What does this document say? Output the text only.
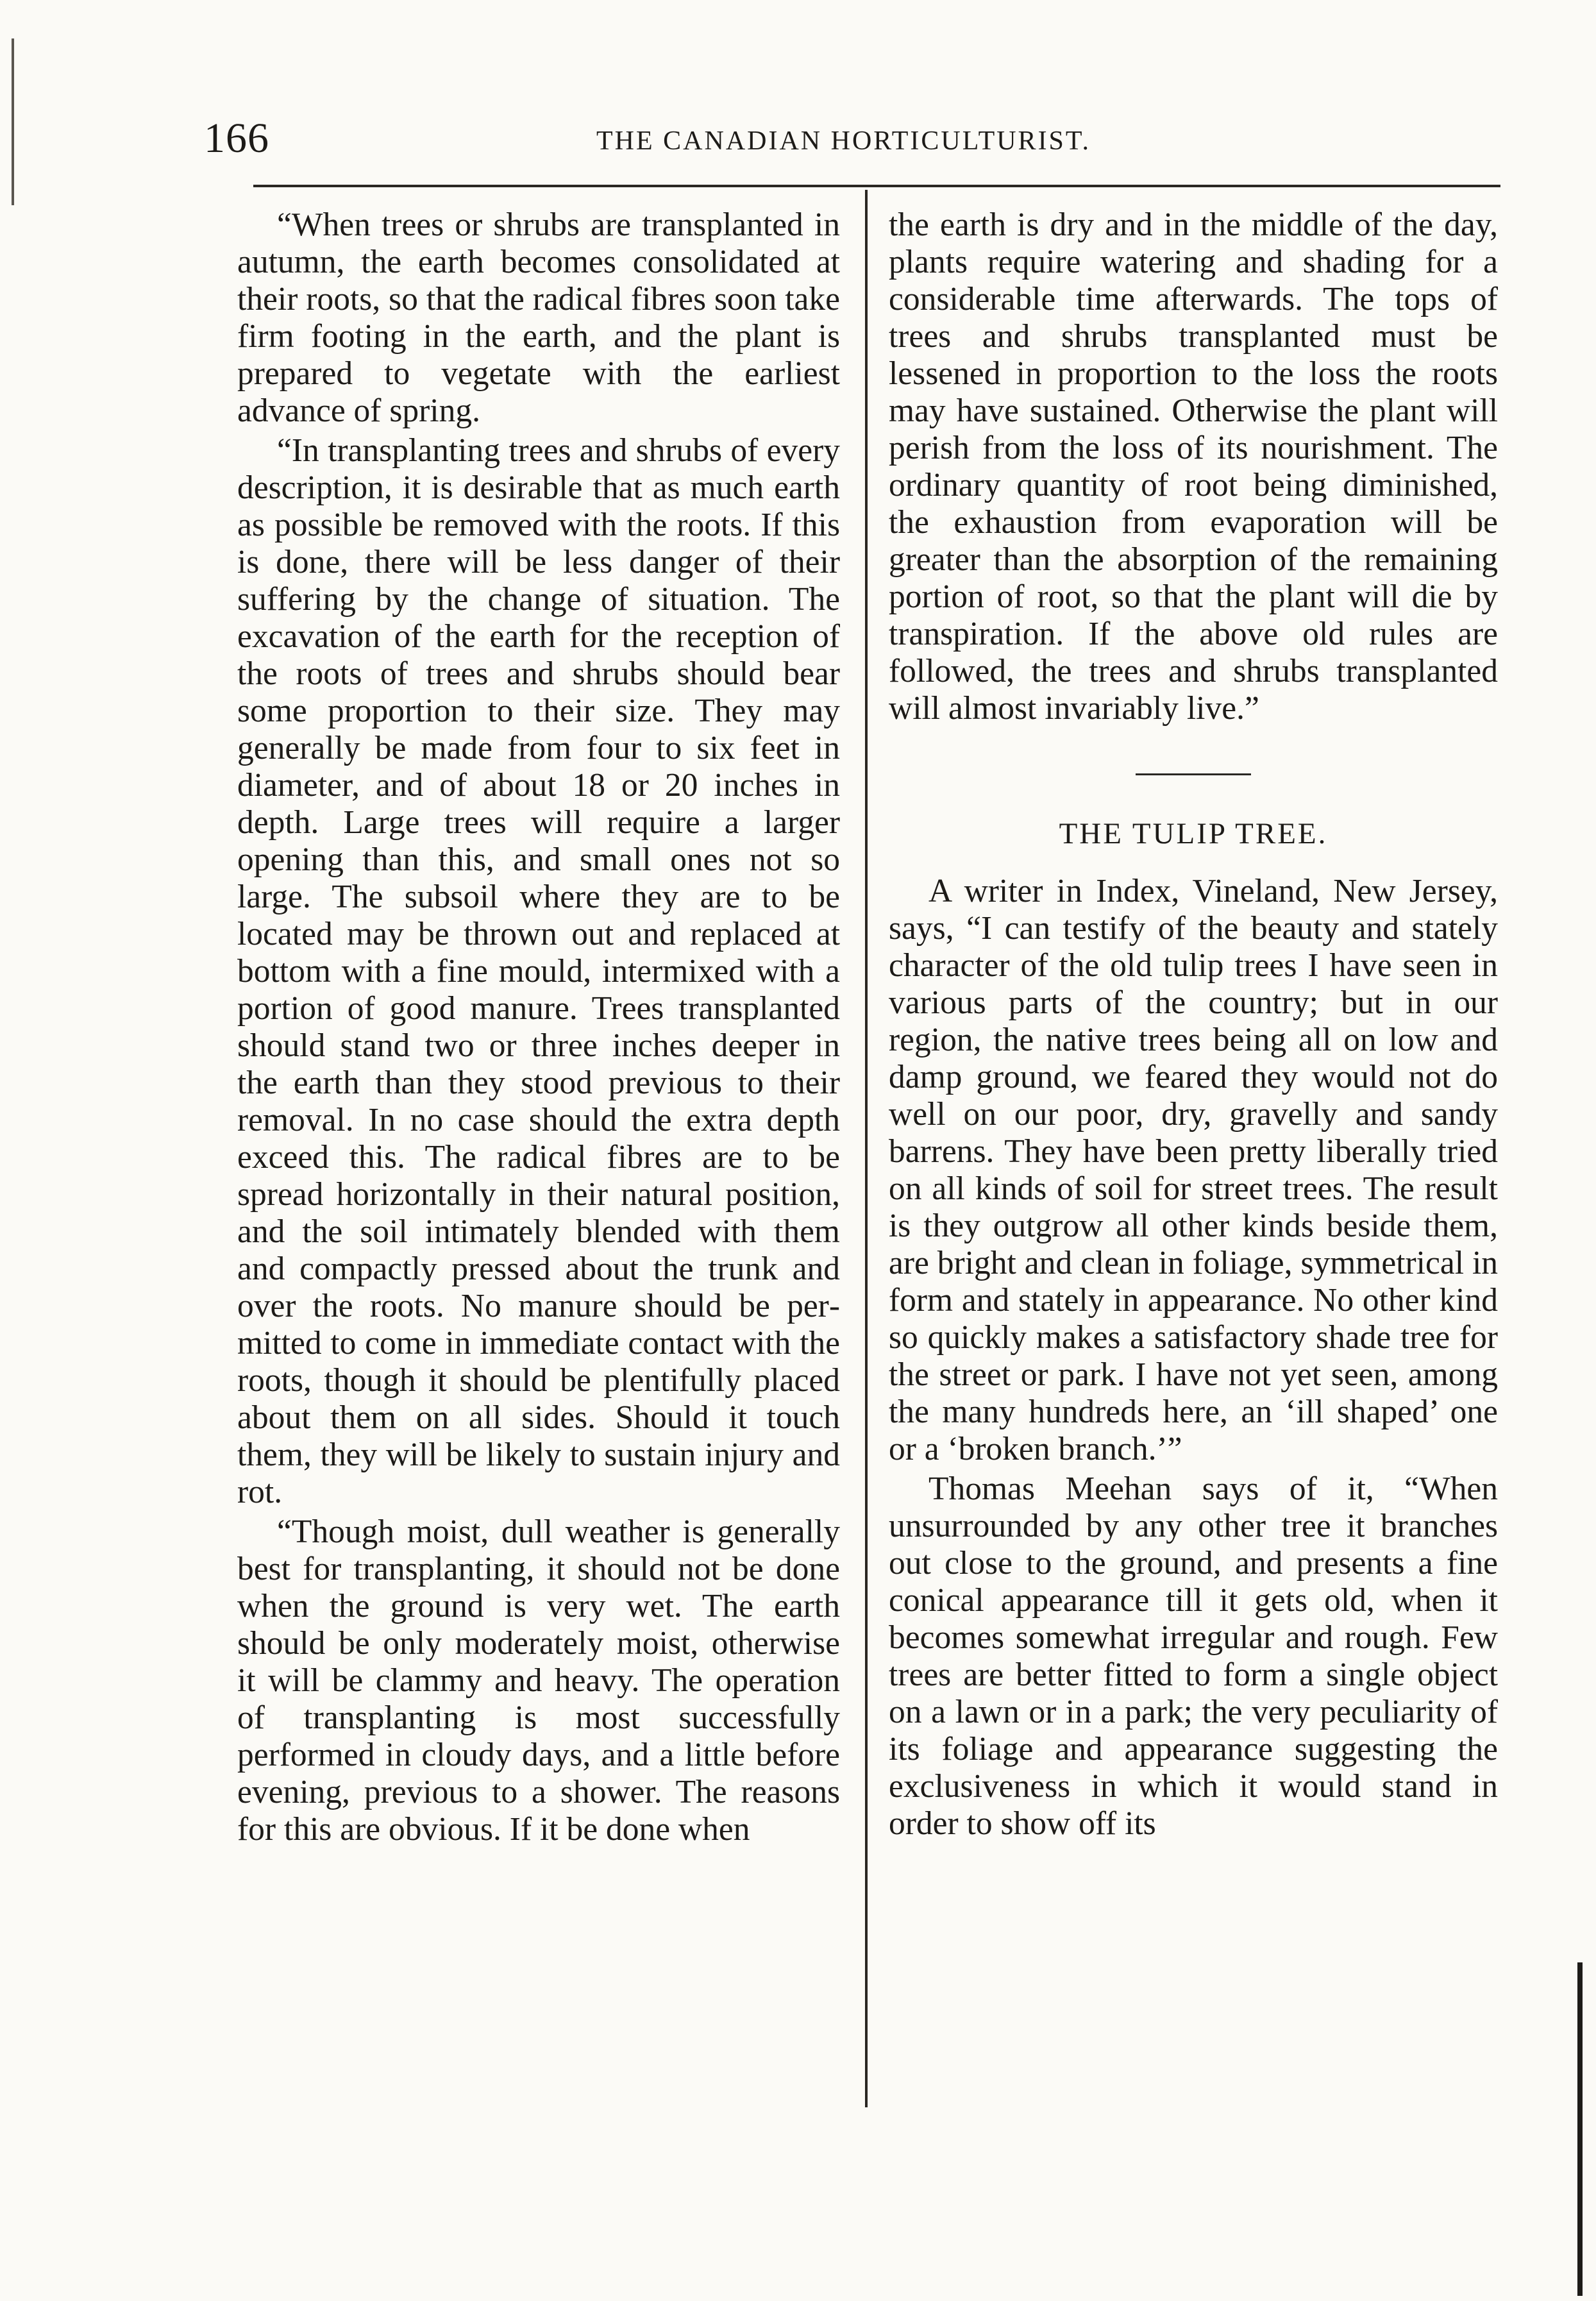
166	THE CANADIAN HORTICULTURIST.

“When trees or shrubs are transplanted in autumn, the earth becomes consolidated at their roots, so that the radical fibres soon take firm footing in the earth, and the plant is prepared to vegetate with the earliest advance of spring.

“In transplanting trees and shrubs of every description, it is desirable that as much earth as possible be removed with the roots. If this is done, there will be less danger of their suffering by the change of situation. The excavation of the earth for the reception of the roots of trees and shrubs should bear some proportion to their size. They may generally be made from four to six feet in diameter, and of about 18 or 20 inches in depth. Large trees will require a larger opening than this, and small ones not so large. The subsoil where they are to be located may be thrown out and replaced at bottom with a fine mould, intermixed with a portion of good manure. Trees transplanted should stand two or three inches deeper in the earth than they stood previous to their removal. In no case should the extra depth exceed this. The radical fibres are to be spread horizontally in their natural position, and the soil intimately blended with them and compactly pressed about the trunk and over the roots. No manure should be permitted to come in immediate contact with the roots, though it should be plentifully placed about them on all sides. Should it touch them, they will be likely to sustain injury and rot.

“Though moist, dull weather is generally best for transplanting, it should not be done when the ground is very wet. The earth should be only moderately moist, otherwise it will be clammy and heavy. The operation of transplanting is most successfully performed in cloudy days, and a little before evening, previous to a shower. The reasons for this are obvious. If it be done when

the earth is dry and in the middle of the day, plants require watering and shading for a considerable time afterwards. The tops of trees and shrubs transplanted must be lessened in proportion to the loss the roots may have sustained. Otherwise the plant will perish from the loss of its nourishment. The ordinary quantity of root being diminished, the exhaustion from evaporation will be greater than the absorption of the remaining portion of root, so that the plant will die by transpiration. If the above old rules are followed, the trees and shrubs transplanted will almost invariably live.”

THE TULIP TREE.

A writer in Index, Vineland, New Jersey, says, “I can testify of the beauty and stately character of the old tulip trees I have seen in various parts of the country; but in our region, the native trees being all on low and damp ground, we feared they would not do well on our poor, dry, gravelly and sandy barrens. They have been pretty liberally tried on all kinds of soil for street trees. The result is they outgrow all other kinds beside them, are bright and clean in foliage, symmetrical in form and stately in appearance. No other kind so quickly makes a satisfactory shade tree for the street or park. I have not yet seen, among the many hundreds here, an ‘ill shaped’ one or a ‘broken branch.’”

Thomas Meehan says of it, “When unsurrounded by any other tree it branches out close to the ground, and presents a fine conical appearance till it gets old, when it becomes somewhat irregular and rough. Few trees are better fitted to form a single object on a lawn or in a park; the very peculiarity of its foliage and appearance suggesting the exclusiveness in which it would stand in order to show off its
